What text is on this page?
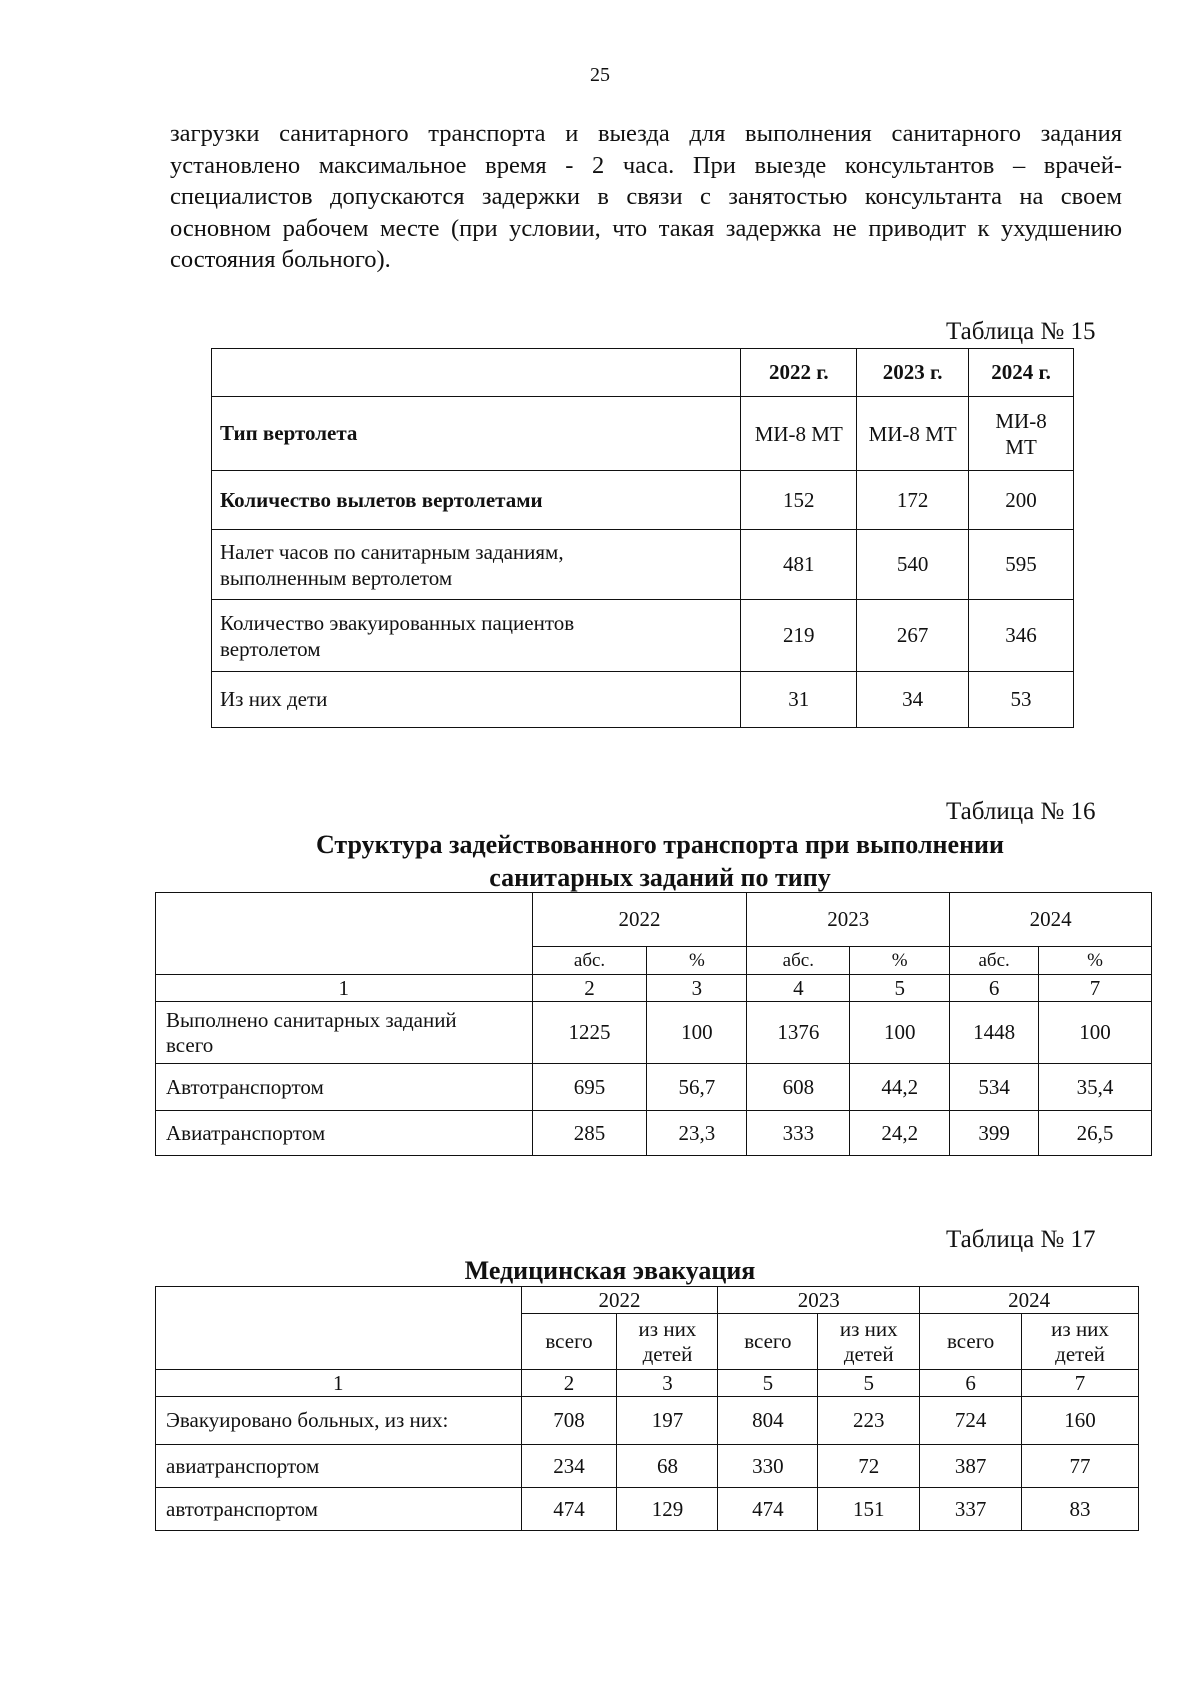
25

загрузки санитарного транспорта и выезда для выполнения санитарного задания установлено максимальное время - 2 часа. При выезде консультантов – врачей-специалистов допускаются задержки в связи с занятостью консультанта на своем основном рабочем месте (при условии, что такая задержка не приводит к ухудшению состояния больного).

Таблица № 15
	2022 г.	2023 г.	2024 г.
Тип вертолета	МИ-8 МТ	МИ-8 МТ	МИ-8 МТ
Количество вылетов вертолетами	152	172	200
Налет часов по санитарным заданиям, выполненным вертолетом	481	540	595
Количество эвакуированных пациентов вертолетом	219	267	346
Из них дети	31	34	53
Таблица № 16
Структура задействованного транспорта при выполнении санитарных заданий по типу
	2022		2023		2024	
	абс.	%	абс.	%	абс.	%
1	2	3	4	5	6	7
Выполнено санитарных заданий всего	1225	100	1376	100	1448	100
Автотранспортом	695	56,7	608	44,2	534	35,4
Авиатранспортом	285	23,3	333	24,2	399	26,5
Таблица № 17
Медицинская эвакуация
	2022		2023		2024	
	всего	из них детей	всего	из них детей	всего	из них детей
1	2	3	5	5	6	7
Эвакуировано больных, из них:	708	197	804	223	724	160
авиатранспортом	234	68	330	72	387	77
автотранспортом	474	129	474	151	337	83
